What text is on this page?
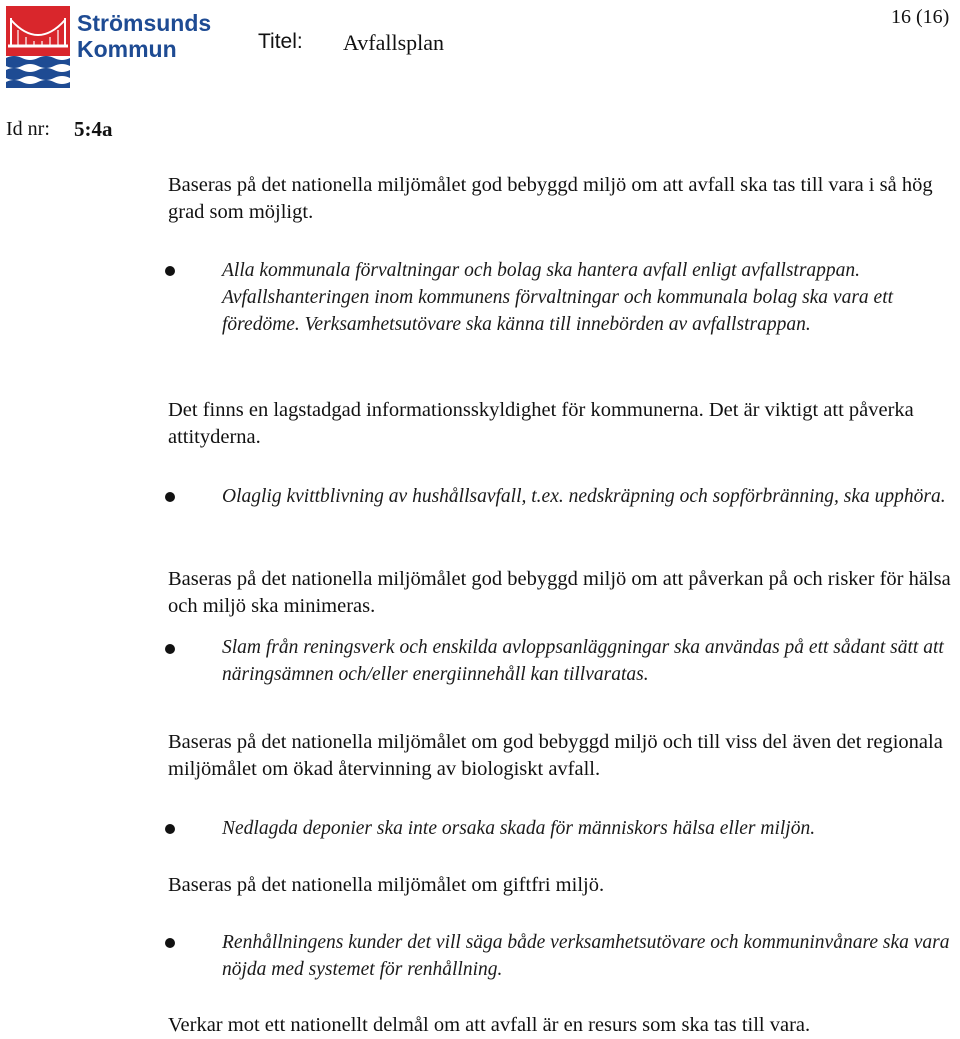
Strömsunds
Kommun	Titel: Avfallsplan
16 (16)
Id nr: 5:4a
Baseras på det nationella miljömålet god bebyggd miljö om att avfall ska tas till vara i så hög grad som möjligt.
Alla kommunala förvaltningar och bolag ska hantera avfall enligt avfallstrappan. Avfallshanteringen inom kommunens förvaltningar och kommunala bolag ska vara ett föredöme. Verksamhetsutövare ska känna till innebörden av avfallstrappan.
Det finns en lagstadgad informationsskyldighet för kommunerna. Det är viktigt att påverka attityderna.
Olaglig kvittblivning av hushållsavfall, t.ex. nedskräpning och sopförbränning, ska upphöra.
Baseras på det nationella miljömålet god bebyggd miljö om att påverkan på och risker för hälsa och miljö ska minimeras.
Slam från reningsverk och enskilda avloppsanläggningar ska användas på ett sådant sätt att näringsämnen och/eller energiinnehåll kan tillvaratas.
Baseras på det nationella miljömålet om god bebyggd miljö och till viss del även det regionala miljömålet om ökad återvinning av biologiskt avfall.
Nedlagda deponier ska inte orsaka skada för människors hälsa eller miljön.
Baseras på det nationella miljömålet om giftfri miljö.
Renhållningens kunder det vill säga både verksamhetsutövare och kommuninvånare ska vara nöjda med systemet för renhållning.
Verkar mot ett nationellt delmål om att avfall är en resurs som ska tas till vara.
